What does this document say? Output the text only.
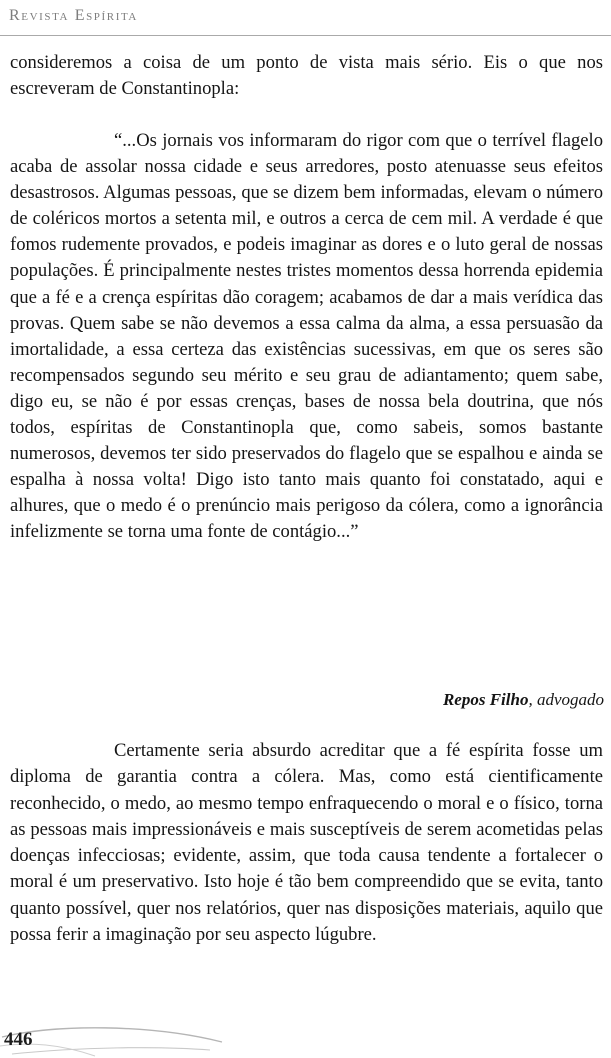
Revista Espírita

consideremos a coisa de um ponto de vista mais sério. Eis o que nos escreveram de Constantinopla:

“...Os jornais vos informaram do rigor com que o terrível flagelo acaba de assolar nossa cidade e seus arredores, posto atenuasse seus efeitos desastrosos. Algumas pessoas, que se dizem bem informadas, elevam o número de coléricos mortos a setenta mil, e outros a cerca de cem mil. A verdade é que fomos rudemente provados, e podeis imaginar as dores e o luto geral de nossas populações. É principalmente nestes tristes momentos dessa horrenda epidemia que a fé e a crença espíritas dão coragem; acabamos de dar a mais verídica das provas. Quem sabe se não devemos a essa calma da alma, a essa persuasão da imortalidade, a essa certeza das existências sucessivas, em que os seres são recompensados segundo seu mérito e seu grau de adiantamento; quem sabe, digo eu, se não é por essas crenças, bases de nossa bela doutrina, que nós todos, espíritas de Constantinopla que, como sabeis, somos bastante numerosos, devemos ter sido preservados do flagelo que se espalhou e ainda se espalha à nossa volta! Digo isto tanto mais quanto foi constatado, aqui e alhures, que o medo é o prenúncio mais perigoso da cólera, como a ignorância infelizmente se torna uma fonte de contágio...”

Repos Filho, advogado

Certamente seria absurdo acreditar que a fé espírita fosse um diploma de garantia contra a cólera. Mas, como está cientificamente reconhecido, o medo, ao mesmo tempo enfraquecendo o moral e o físico, torna as pessoas mais impressionáveis e mais susceptíveis de serem acometidas pelas doenças infecciosas; evidente, assim, que toda causa tendente a fortalecer o moral é um preservativo. Isto hoje é tão bem compreendido que se evita, tanto quanto possível, quer nos relatórios, quer nas disposições materiais, aquilo que possa ferir a imaginação por seu aspecto lúgubre.

446
